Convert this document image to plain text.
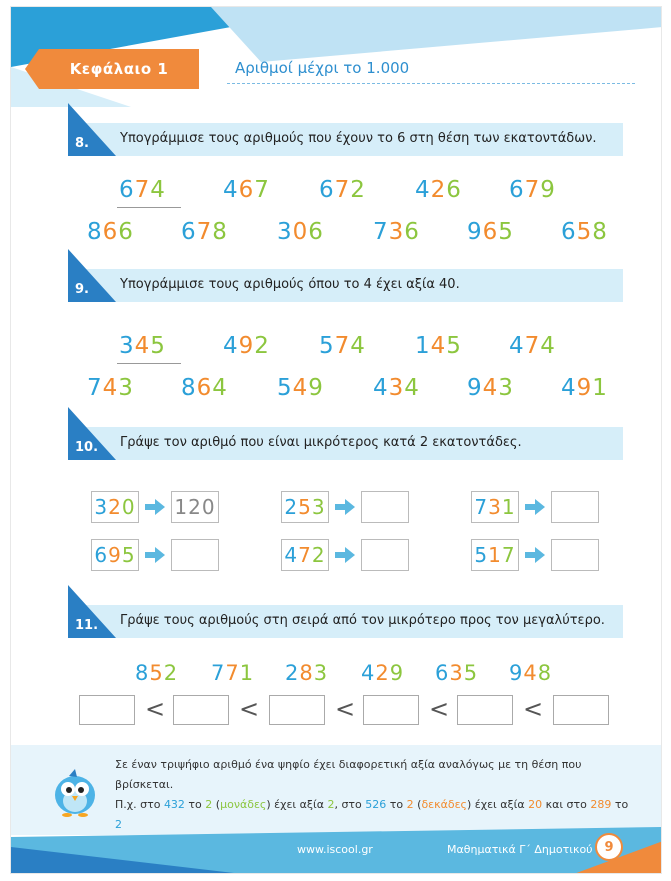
Κεφάλαιο 1	Αριθμοί μέχρι το 1.000
8. Υπογράμμισε τους αριθμούς που έχουν το 6 στη θέση των εκατοντάδων.
674 467 672 426 679
866 678 306 736 965 658
9. Υπογράμμισε τους αριθμούς όπου το 4 έχει αξία 40.
345 492 574 145 474
743 864 549 434 943 491
10. Γράψε τον αριθμό που είναι μικρότερος κατά 2 εκατοντάδες.
320 120	253	731
695	472	517
11. Γράψε τους αριθμούς στη σειρά από τον μικρότερο προς τον μεγαλύτερο.
852 771 283 429 635 948
<	<	<	<	<
Σε έναν τριψήφιο αριθμό ένα ψηφίο έχει διαφορετική αξία αναλόγως με τη θέση που βρίσκεται.
Π.χ. στο 432 το 2 (μονάδες) έχει αξία 2, στο 526 το 2 (δεκάδες) έχει αξία 20 και στο 289 το 2
www.iscool.gr	Μαθηματικά Γ΄ Δημοτικού 9
